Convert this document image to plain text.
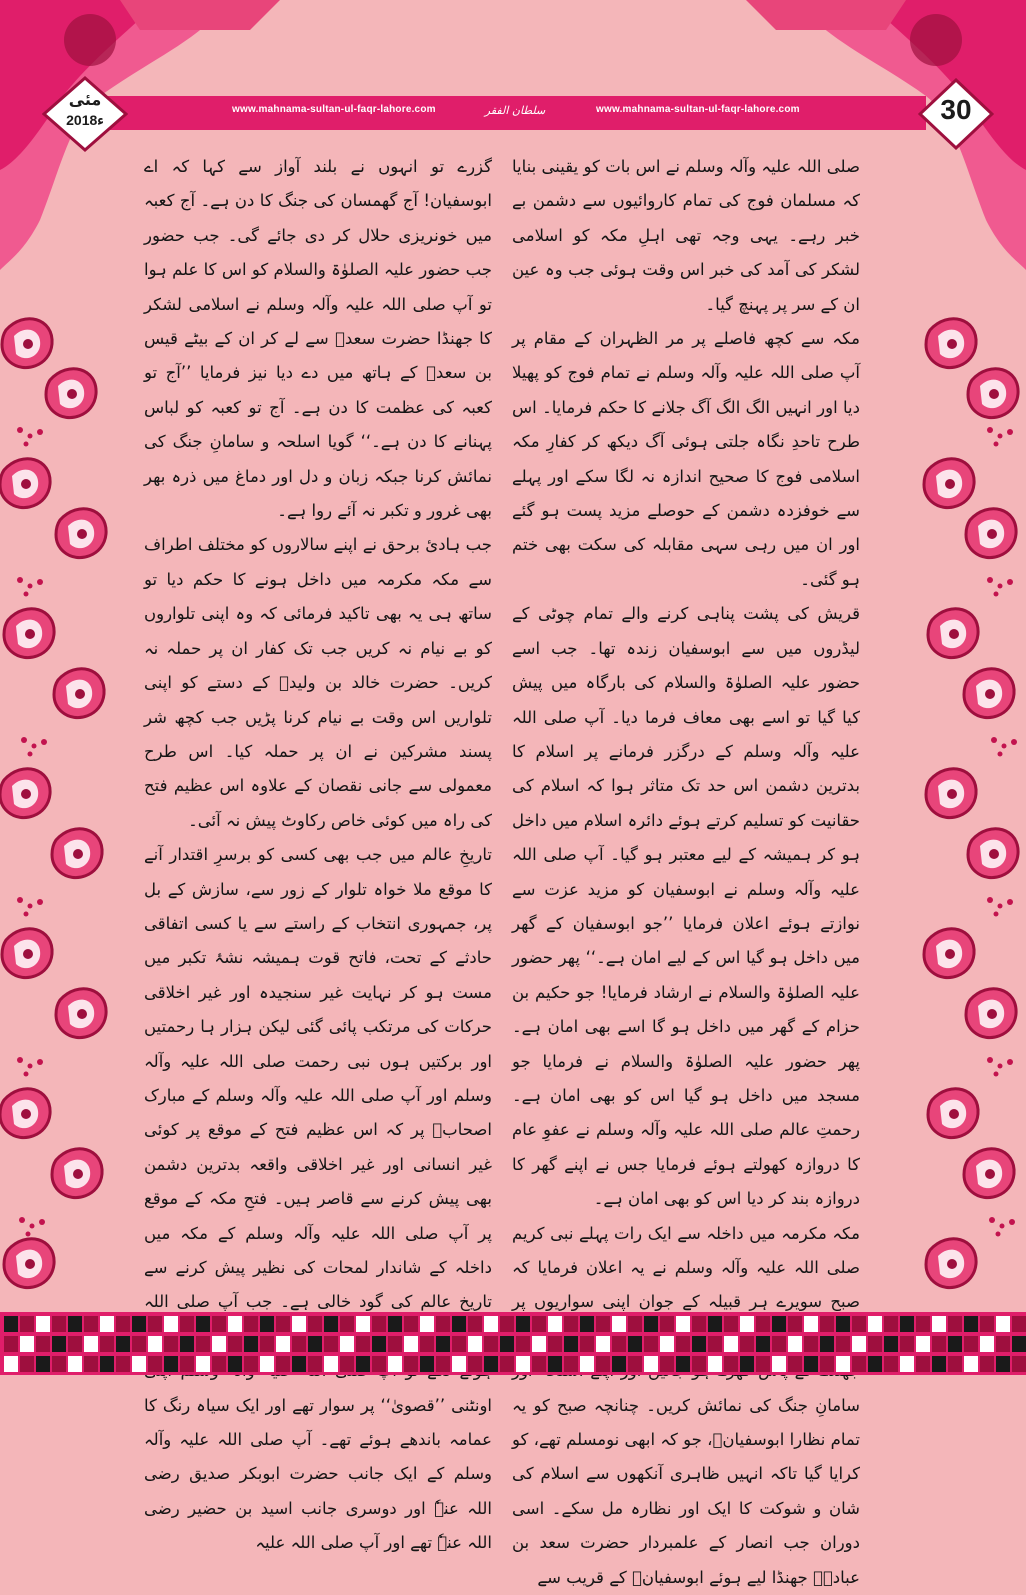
www.mahnama-sultan-ul-faqr-lahore.com	سلطان الفقر	www.mahnama-sultan-ul-faqr-lahore.com
مئی
2018ء	30

صلی اللہ علیہ وآلہ وسلم نے اس بات کو یقینی بنایا کہ مسلمان فوج کی تمام کاروائیوں سے دشمن بے خبر رہے۔ یہی وجہ تھی اہلِ مکہ کو اسلامی لشکر کی آمد کی خبر اس وقت ہوئی جب وہ عین ان کے سر پر پہنچ گیا۔

مکہ سے کچھ فاصلے پر مر الظہران کے مقام پر آپ صلی اللہ علیہ وآلہ وسلم نے تمام فوج کو پھیلا دیا اور انہیں الگ الگ آگ جلانے کا حکم فرمایا۔ اس طرح تاحدِ نگاہ جلتی ہوئی آگ دیکھ کر کفارِ مکہ اسلامی فوج کا صحیح اندازہ نہ لگا سکے اور پہلے سے خوفزدہ دشمن کے حوصلے مزید پست ہو گئے اور ان میں رہی سہی مقابلہ کی سکت بھی ختم ہو گئی۔

قریش کی پشت پناہی کرنے والے تمام چوٹی کے لیڈروں میں سے ابوسفیان زندہ تھا۔ جب اسے حضور علیہ الصلوٰۃ والسلام کی بارگاہ میں پیش کیا گیا تو اسے بھی معاف فرما دیا۔ آپ صلی اللہ علیہ وآلہ وسلم کے درگزر فرمانے پر اسلام کا بدترین دشمن اس حد تک متاثر ہوا کہ اسلام کی حقانیت کو تسلیم کرتے ہوئے دائرہ اسلام میں داخل ہو کر ہمیشہ کے لیے معتبر ہو گیا۔ آپ صلی اللہ علیہ وآلہ وسلم نے ابوسفیان کو مزید عزت سے نوازتے ہوئے اعلان فرمایا ’’جو ابوسفیان کے گھر میں داخل ہو گیا اس کے لیے امان ہے۔‘‘ پھر حضور علیہ الصلوٰۃ والسلام نے ارشاد فرمایا! جو حکیم بن حزام کے گھر میں داخل ہو گا اسے بھی امان ہے۔ پھر حضور علیہ الصلوٰۃ والسلام نے فرمایا جو مسجد میں داخل ہو گیا اس کو بھی امان ہے۔ رحمتِ عالم صلی اللہ علیہ وآلہ وسلم نے عفوِ عام کا دروازہ کھولتے ہوئے فرمایا جس نے اپنے گھر کا دروازہ بند کر دیا اس کو بھی امان ہے۔

مکہ مکرمہ میں داخلہ سے ایک رات پہلے نبی کریم صلی اللہ علیہ وآلہ وسلم نے یہ اعلان فرمایا کہ صبح سویرے ہر قبیلہ کے جوان اپنی سواریوں پر سامانِ جنگ کی نمائش کریں۔ چنانچہ صبح کو یہ تمام نظارا ابوسفیانؓ، جو کہ ابھی نومسلم تھے، کو کرایا گیا تاکہ انہیں ظاہری آنکھوں سے اسلام کی شان و شوکت کا ایک اور نظارہ مل سکے۔ اسی دوران جب انصار کے علمبردار حضرت سعد بن عبادہؓ جھنڈا لیے ہوئے ابوسفیانؓ کے قریب سے

گزرے تو انہوں نے بلند آواز سے کہا کہ اے ابوسفیان! آج گھمسان کی جنگ کا دن ہے۔ آج کعبہ میں خونریزی حلال کر دی جائے گی۔ جب حضور جب حضور علیہ الصلوٰۃ والسلام کو اس کا علم ہوا تو آپ صلی اللہ علیہ وآلہ وسلم نے اسلامی لشکر کا جھنڈا حضرت سعدؓ سے لے کر ان کے بیٹے قیس بن سعدؓ کے ہاتھ میں دے دیا نیز فرمایا ’’آج تو کعبہ کی عظمت کا دن ہے۔ آج تو کعبہ کو لباس پہنانے کا دن ہے۔‘‘ گویا اسلحہ و سامانِ جنگ کی نمائش کرنا جبکہ زبان و دل اور دماغ میں ذرہ بھر بھی غرور و تکبر نہ آئے روا ہے۔

جب ہادیٔ برحق نے اپنے سالاروں کو مختلف اطراف سے مکہ مکرمہ میں داخل ہونے کا حکم دیا تو ساتھ ہی یہ بھی تاکید فرمائی کہ وہ اپنی تلواروں کو بے نیام نہ کریں جب تک کفار ان پر حملہ نہ کریں۔ حضرت خالد بن ولیدؓ کے دستے کو اپنی تلواریں اس وقت بے نیام کرنا پڑیں جب کچھ شر پسند مشرکین نے ان پر حملہ کیا۔ اس طرح معمولی سے جانی نقصان کے علاوہ اس عظیم فتح کی راہ میں کوئی خاص رکاوٹ پیش نہ آئی۔

تاریخِ عالم میں جب بھی کسی کو برسرِ اقتدار آنے کا موقع ملا خواہ تلوار کے زور سے، سازش کے بل پر، جمہوری انتخاب کے راستے سے یا کسی اتفاقی حادثے کے تحت، فاتح قوت ہمیشہ نشۂ تکبر میں مست ہو کر نہایت غیر سنجیدہ اور غیر اخلاقی حرکات کی مرتکب پائی گئی لیکن ہزار ہا رحمتیں اور برکتیں ہوں نبی رحمت صلی اللہ علیہ وآلہ وسلم اور آپ صلی اللہ علیہ وآلہ وسلم کے مبارک اصحابؓ پر کہ اس عظیم فتح کے موقع پر کوئی غیر انسانی اور غیر اخلاقی واقعہ بدترین دشمن بھی پیش کرنے سے قاصر ہیں۔ فتحِ مکہ کے موقع پر آپ صلی اللہ علیہ وآلہ وسلم کے مکہ میں داخلہ کے شاندار لمحات کی نظیر پیش کرنے سے تاریخِ عالم کی گود خالی ہے۔ جب آپ صلی اللہ اونٹنی ’’قصویٰ‘‘ پر سوار تھے اور ایک سیاہ رنگ کا عمامہ باندھے ہوئے تھے۔ آپ صلی اللہ علیہ وآلہ وسلم کے ایک جانب حضرت ابوبکر صدیق رضی اللہ عنہٗ اور دوسری جانب اسید بن حضیر رضی اللہ عنہٗ تھے اور آپ صلی اللہ علیہ
